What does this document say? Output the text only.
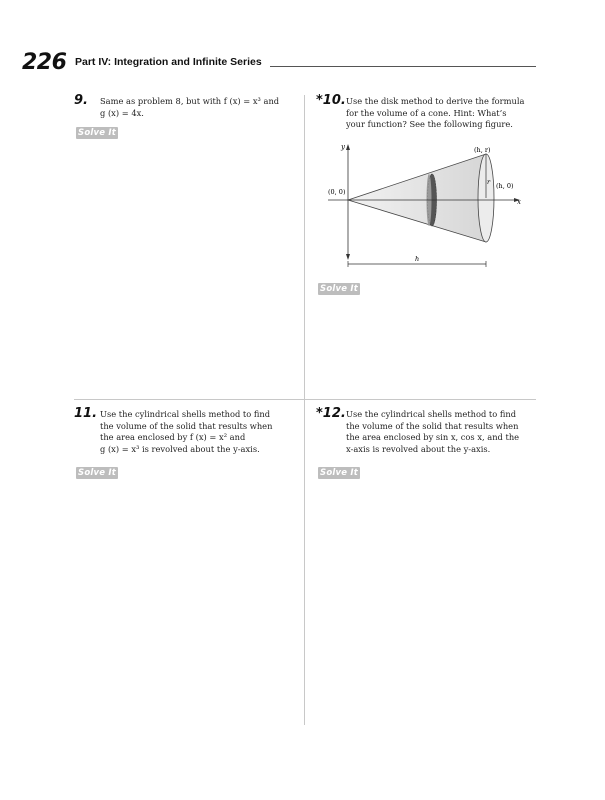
226 Part IV: Integration and Infinite Series
9. Same as problem 8, but with f (x) = x³ and
g (x) = 4x.
Solve It
*10. Use the disk method to derive the formula
for the volume of a cone. Hint: What’s
your function? See the following figure.
y
x
(0, 0)
(h, r)
r (h, 0)
h
Solve It
11. Use the cylindrical shells method to find
the volume of the solid that results when
the area enclosed by f (x) = x² and
g (x) = x³ is revolved about the y-axis.
Solve It
*12. Use the cylindrical shells method to find
the volume of the solid that results when
the area enclosed by sin x, cos x, and the
x-axis is revolved about the y-axis.
Solve It
